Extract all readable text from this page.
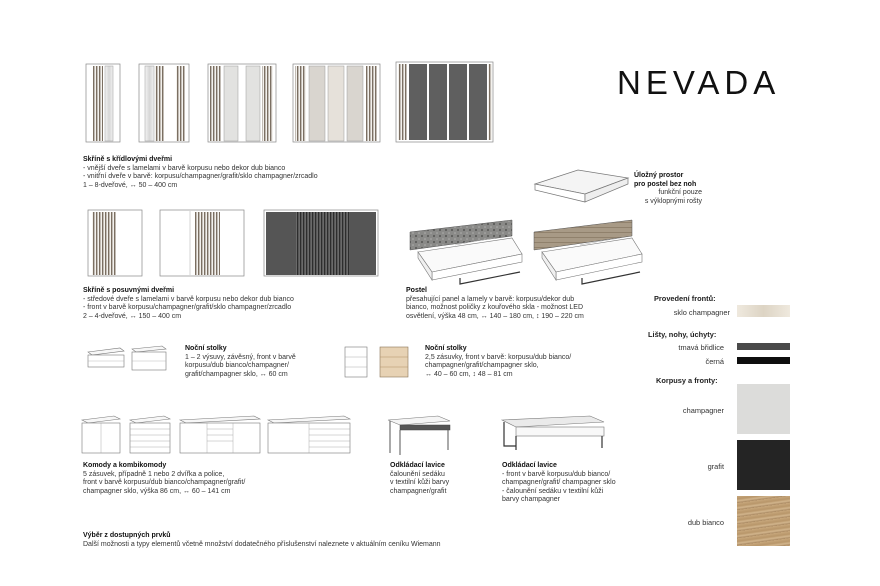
NEVADA
Skříně s křídlovými dveřmi
- vnější dveře s lamelami v barvě korpusu nebo dekor dub bianco
- vnitřní dveře v barvě: korpusu/champagner/grafit/sklo champagner/zrcadlo
1 – 8-dveřové, ↔ 50 – 400 cm
Úložný prostor
pro postel bez noh
funkční pouze
s výklopnými rošty
Skříně s posuvnými dveřmi
- středové dveře s lamelami v barvě korpusu nebo dekor dub bianco
- front v barvě korpusu/champagner/grafit/sklo champagner/zrcadlo
2 – 4-dveřové, ↔ 150 – 400 cm
Postel
přesahující panel a lamely v barvě: korpusu/dekor dub
bianco, možnost poličky z kouřového skla - možnost LED
osvětlení, výška 48 cm, ↔ 140 – 180 cm, ↕ 190 – 220 cm
Noční stolky
1 – 2 výsuvy, závěsný, front v barvě
korpusu/dub bianco/champagner/
grafit/champagner sklo, ↔ 60 cm
Noční stolky
2,5 zásuvky, front v barvě: korpusu/dub bianco/
champagner/grafit/champagner sklo,
↔ 40 – 60 cm, ↕ 48 – 81 cm
Komody a kombikomody
5 zásuvek, případně 1 nebo 2 dvířka a police,
front v barvě korpusu/dub bianco/champagner/grafit/
champagner sklo, výška 86 cm, ↔ 60 – 141 cm
Odkládací lavice
čalounění sedáku
v textilní kůži barvy
champagner/grafit
Odkládací lavice
- front v barvě korpusu/dub bianco/
champagner/grafit/ champagner sklo
- čalounění sedáku v textilní kůži
barvy champagner
Výběr z dostupných prvků
Další možnosti a typy elementů včetně množství dodatečného příslušenství naleznete v aktuálním ceníku Wiemann
Provedení frontů:
sklo champagner
Lišty, nohy, úchyty:
tmavá břidlice
černá
Korpusy a fronty:
champagner
grafit
dub bianco
